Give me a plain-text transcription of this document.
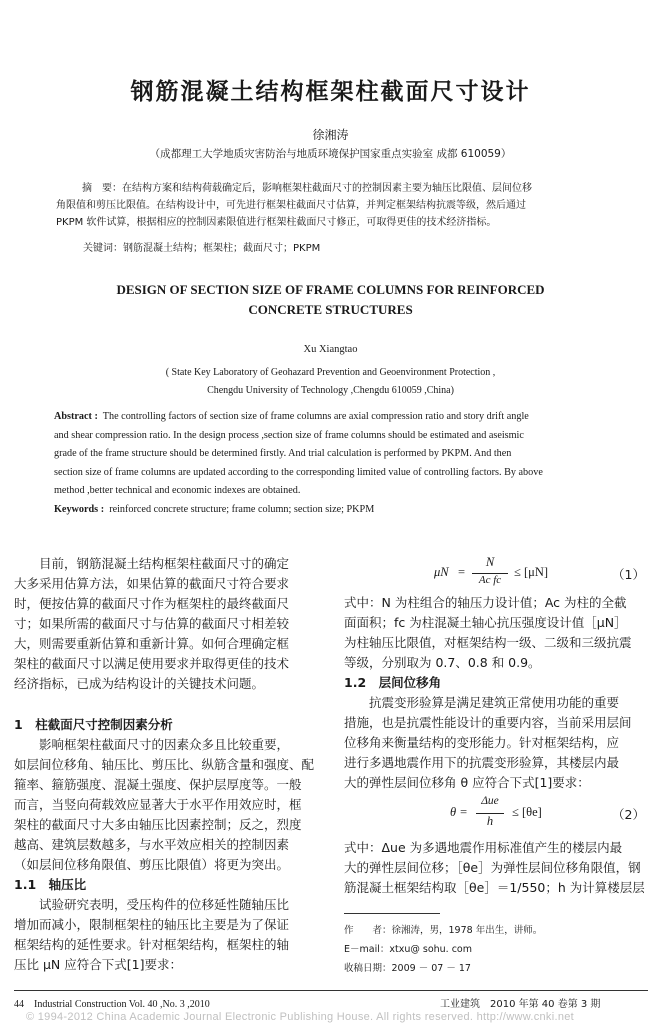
钢筋混凝土结构框架柱截面尺寸设计
徐湘涛
（成都理工大学地质灾害防治与地质环境保护国家重点实验室 成都 610059）
摘　要：在结构方案和结构荷载确定后，影响框架柱截面尺寸的控制因素主要为轴压比限值、层间位移
角限值和剪压比限值。在结构设计中，可先进行框架柱截面尺寸估算，并判定框架结构抗震等级，然后通过
PKPM 软件试算，根据相应的控制因素限值进行框架柱截面尺寸修正，可取得更佳的技术经济指标。
关键词：钢筋混凝土结构；框架柱；截面尺寸；PKPM
DESIGN OF SECTION SIZE OF FRAME COLUMNS FOR REINFORCED
CONCRETE STRUCTURES
Xu Xiangtao
( State Key Laboratory of Geohazard Prevention and Geoenvironment Protection ,
Chengdu University of Technology ,Chengdu 610059 ,China)
Abstract : The controlling factors of section size of frame columns are axial compression ratio and story drift angle
and shear compression ratio. In the design process ,section size of frame columns should be estimated and aseismic
grade of the frame structure should be determined firstly. And trial calculation is performed by PKPM. And then
section size of frame columns are updated according to the corresponding limited value of controlling factors. By above
method ,better technical and economic indexes are obtained.
Keywords : reinforced concrete structure; frame column; section size; PKPM
目前，钢筋混凝土结构框架柱截面尺寸的确定
大多采用估算方法，如果估算的截面尺寸符合要求
时，便按估算的截面尺寸作为框架柱的最终截面尺
寸；如果所需的截面尺寸与估算的截面尺寸相差较
大，则需要重新估算和重新计算。如何合理确定框
架柱的截面尺寸以满足使用要求并取得更佳的技术
经济指标，已成为结构设计的关键技术问题。
1　柱截面尺寸控制因素分析
影响框架柱截面尺寸的因素众多且比较重要，
如层间位移角、轴压比、剪压比、纵筋含量和强度、配
箍率、箍筋强度、混凝土强度、保护层厚度等。一般
而言，当竖向荷载效应显著大于水平作用效应时，框
架柱的截面尺寸大多由轴压比因素控制；反之，烈度
越高、建筑层数越多，与水平效应相关的控制因素
（如层间位移角限值、剪压比限值）将更为突出。
1.1　轴压比
试验研究表明，受压构件的位移延性随轴压比
增加而减小，限制框架柱的轴压比主要是为了保证
框架结构的延性要求。针对框架结构，框架柱的轴
压比 μN 应符合下式[1]要求：
μN =
N
Ac fc
≤ [μN]	（1）
式中：N 为柱组合的轴压力设计值；Ac 为柱的全截
面面积；fc 为柱混凝土轴心抗压强度设计值［μN］
为柱轴压比限值，对框架结构一级、二级和三级抗震
等级，分别取为 0.7、0.8 和 0.9。
1.2　层间位移角
抗震变形验算是满足建筑正常使用功能的重要
措施，也是抗震性能设计的重要内容，当前采用层间
位移角来衡量结构的变形能力。针对框架结构，应
进行多遇地震作用下的抗震变形验算，其楼层内最
大的弹性层间位移角 θ 应符合下式[1]要求：
θ =
Δue
h
≤ [θe]	（2）
式中：Δue 为多遇地震作用标准值产生的楼层内最
大的弹性层间位移；［θe］为弹性层间位移角限值，钢
筋混凝土框架结构取［θe］＝1/550；h 为计算楼层层
作　　者：徐湘涛，男，1978 年出生，讲师。
E－mail：xtxu@ sohu. com
收稿日期：2009 － 07 － 17
44　Industrial Construction Vol. 40 ,No. 3 ,2010	工业建筑　2010 年第 40 卷第 3 期
© 1994-2012 China Academic Journal Electronic Publishing House. All rights reserved. http://www.cnki.net
